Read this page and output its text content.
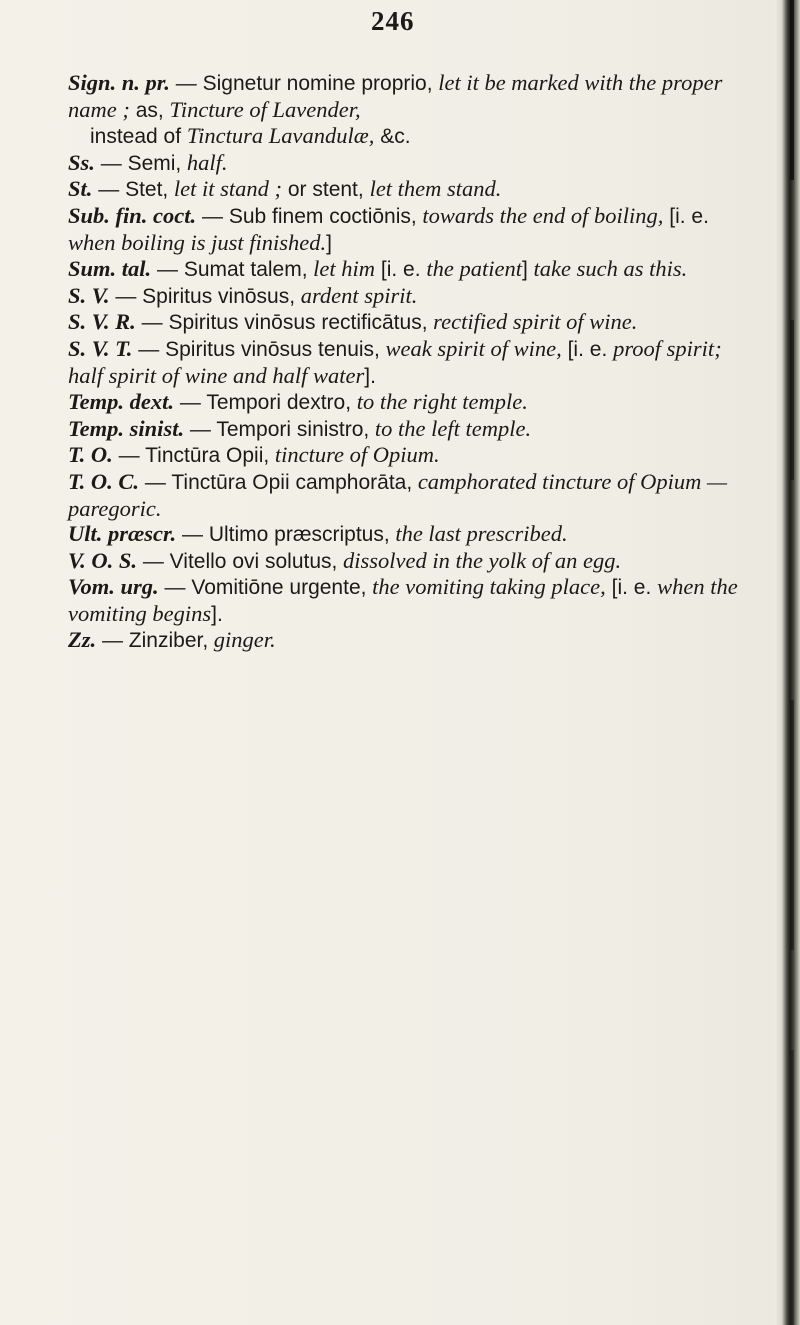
246
Sign. n. pr. — Signetur nomine proprio, let it be marked with the proper name ; as, Tincture of Lavender,
instead of Tinctura Lavandulæ, &c.
Ss. — Semi, half.
St. — Stet, let it stand ; or stent, let them stand.
Sub. fin. coct. — Sub finem coctiōnis, towards the end of boiling, [i. e. when boiling is just finished.]
Sum. tal. — Sumat talem, let him [i. e. the patient] take such as this.
S. V. — Spiritus vinōsus, ardent spirit.
S. V. R. — Spiritus vinōsus rectificātus, rectified spirit of wine.
S. V. T. — Spiritus vinōsus tenuis, weak spirit of wine, [i. e. proof spirit; half spirit of wine and half water].
Temp. dext. — Tempori dextro, to the right temple.
Temp. sinist. — Tempori sinistro, to the left temple.
T. O. — Tinctūra Opii, tincture of Opium.
T. O. C. — Tinctūra Opii camphorāta, camphorated tincture of Opium — paregoric.
Ult. præscr. — Ultimo præscriptus, the last prescribed.
V. O. S. — Vitello ovi solutus, dissolved in the yolk of an egg.
Vom. urg. — Vomitiōne urgente, the vomiting taking place, [i. e. when the vomiting begins].
Zz. — Zinziber, ginger.
